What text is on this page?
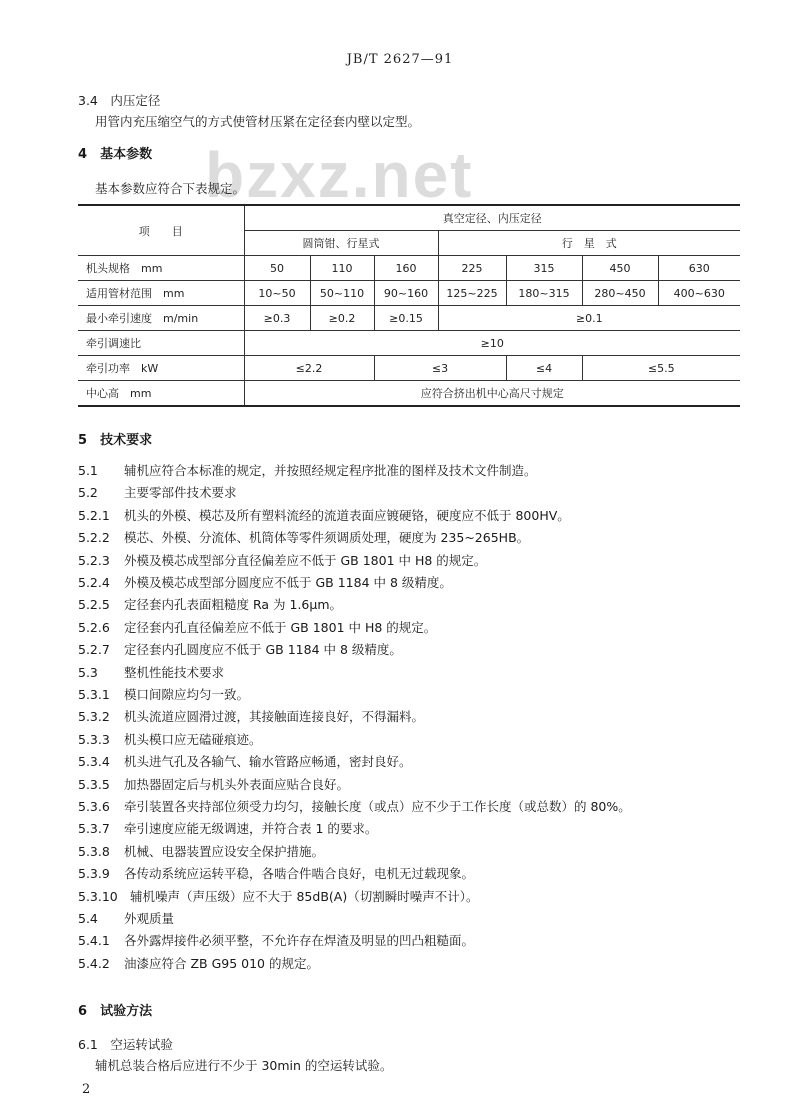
JB/T 2627—91
bzxz.net
3.4　 内压定径
用管内充压缩空气的方式使管材压紧在定径套内壁以定型。
4　 基本参数
基本参数应符合下表规定。
项　　目	真空定径、内压定径						
	圆筒钳、行星式			行　星　式			
机头规格　mm	50	110	160	225	315	450	630
适用管材范围　mm	10~50	50~110	90~160	125~225	180~315	280~450	400~630
最小牵引速度　m/min	≥0.3	≥0.2	≥0.15	≥0.1			
牵引调速比	≥10						
牵引功率　kW	≤2.2		≤3		≤4	≤5.5	
中心高　mm	应符合挤出机中心高尺寸规定						
5　 技术要求
5.1 辅机应符合本标准的规定，并按照经规定程序批准的图样及技术文件制造。
5.2 主要零部件技术要求
5.2.1 机头的外模、模芯及所有塑料流经的流道表面应镀硬铬，硬度应不低于 800HV。
5.2.2 模芯、外模、分流体、机筒体等零件须调质处理，硬度为 235~265HB。
5.2.3 外模及模芯成型部分直径偏差应不低于 GB 1801 中 H8 的规定。
5.2.4 外模及模芯成型部分圆度应不低于 GB 1184 中 8 级精度。
5.2.5 定径套内孔表面粗糙度 Ra 为 1.6μm。
5.2.6 定径套内孔直径偏差应不低于 GB 1801 中 H8 的规定。
5.2.7 定径套内孔圆度应不低于 GB 1184 中 8 级精度。
5.3 整机性能技术要求
5.3.1 模口间隙应均匀一致。
5.3.2 机头流道应圆滑过渡，其接触面连接良好，不得漏料。
5.3.3 机头模口应无磕碰痕迹。
5.3.4 机头进气孔及各输气、输水管路应畅通，密封良好。
5.3.5 加热器固定后与机头外表面应贴合良好。
5.3.6 牵引装置各夹持部位须受力均匀，接触长度（或点）应不少于工作长度（或总数）的 80%。
5.3.7 牵引速度应能无级调速，并符合表 1 的要求。
5.3.8 机械、电器装置应设安全保护措施。
5.3.9 各传动系统应运转平稳，各啮合件啮合良好，电机无过载现象。
5.3.10 辅机噪声（声压级）应不大于 85dB(A)（切割瞬时噪声不计）。
5.4 外观质量
5.4.1 各外露焊接件必须平整，不允许存在焊渣及明显的凹凸粗糙面。
5.4.2 油漆应符合 ZB G95 010 的规定。
6　 试验方法
6.1　 空运转试验
辅机总装合格后应进行不少于 30min 的空运转试验。
2
